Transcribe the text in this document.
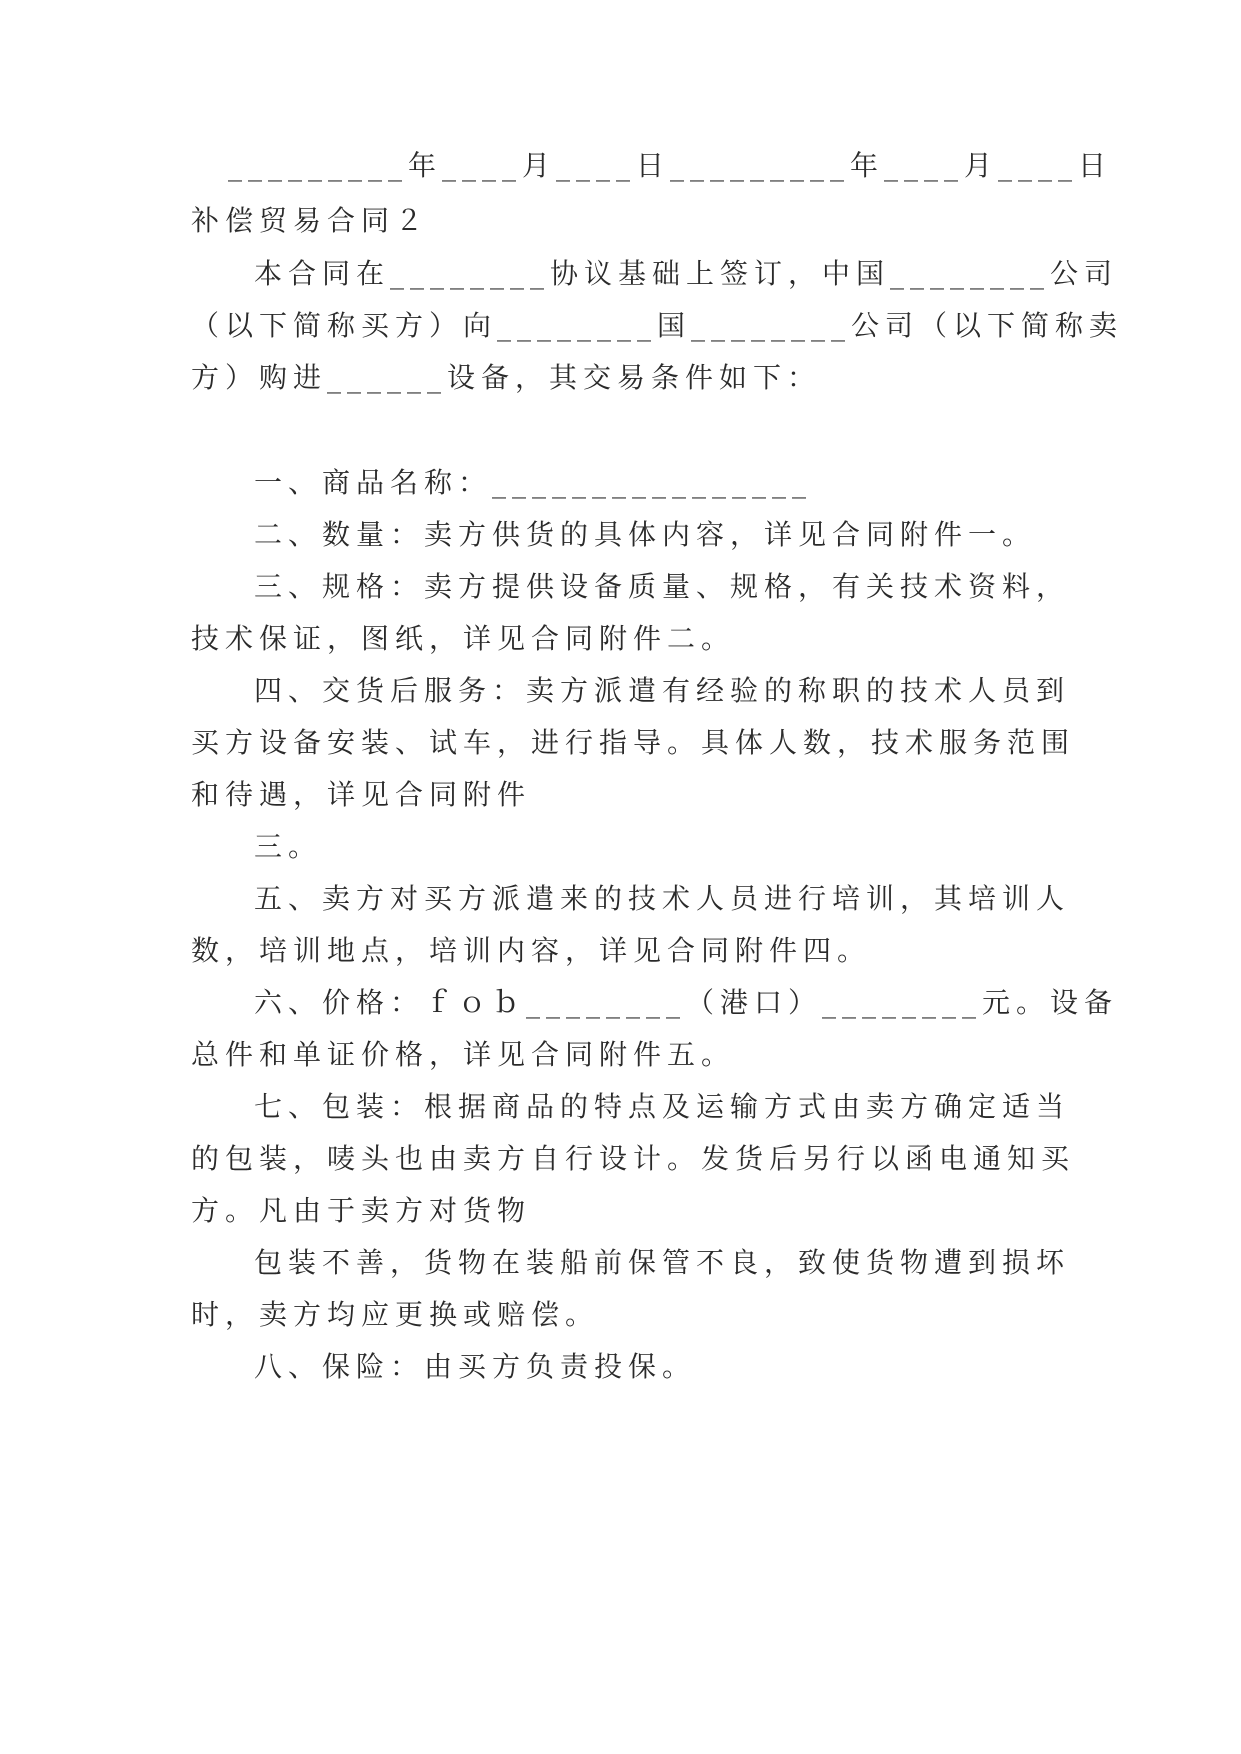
_________年____月____日_________年____月____日
补偿贸易合同２
本合同在________协议基础上签订，中国________公司
（以下简称买方）向________国________公司（以下简称卖
方）购进______设备，其交易条件如下：
一、商品名称：________________
二、数量：卖方供货的具体内容，详见合同附件一。
三、规格：卖方提供设备质量、规格，有关技术资料，
技术保证，图纸，详见合同附件二。
四、交货后服务：卖方派遣有经验的称职的技术人员到
买方设备安装、试车，进行指导。具体人数，技术服务范围
和待遇，详见合同附件
三。
五、卖方对买方派遣来的技术人员进行培训，其培训人
数，培训地点，培训内容，详见合同附件四。
六、价格：ｆｏｂ________（港口）________元。设备
总件和单证价格，详见合同附件五。
七、包装：根据商品的特点及运输方式由卖方确定适当
的包装，唛头也由卖方自行设计。发货后另行以函电通知买
方。凡由于卖方对货物
包装不善，货物在装船前保管不良，致使货物遭到损坏
时，卖方均应更换或赔偿。
八、保险：由买方负责投保。
